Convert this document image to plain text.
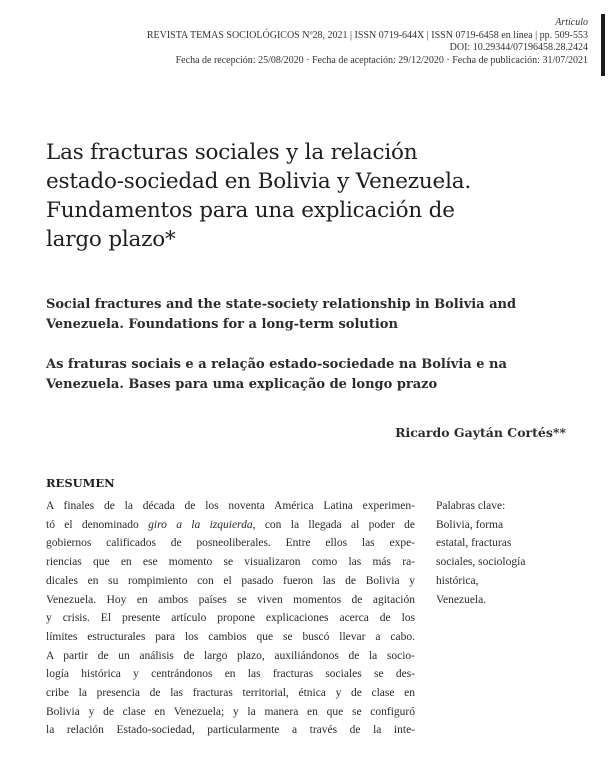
Artículo
REVISTA TEMAS SOCIOLÓGICOS Nº28, 2021 | ISSN 0719-644X | ISSN 0719-6458 en línea | pp. 509-553
DOI: 10.29344/07196458.28.2424
Fecha de recepción: 25/08/2020 · Fecha de aceptación: 29/12/2020 · Fecha de publicación: 31/07/2021
Las fracturas sociales y la relación
estado-sociedad en Bolivia y Venezuela.
Fundamentos para una explicación de
largo plazo*
Social fractures and the state-society relationship in Bolivia and
Venezuela. Foundations for a long-term solution
As fraturas sociais e a relação estado-sociedade na Bolívia e na
Venezuela. Bases para uma explicação de longo prazo

Ricardo Gaytán Cortés**

RESUMEN
A finales de la década de los noventa América Latina experimen-
tó el denominado giro a la izquierda, con la llegada al poder de
gobiernos calificados de posneoliberales. Entre ellos las expe-
riencias que en ese momento se visualizaron como las más ra-
dicales en su rompimiento con el pasado fueron las de Bolivia y
Venezuela. Hoy en ambos países se viven momentos de agitación
y crisis. El presente artículo propone explicaciones acerca de los
límites estructurales para los cambios que se buscó llevar a cabo.
A partir de un análisis de largo plazo, auxiliándonos de la socio-
logía histórica y centrándonos en las fracturas sociales se des-
cribe la presencia de las fracturas territorial, étnica y de clase en
Bolivia y de clase en Venezuela; y la manera en que se configuró
la relación Estado-sociedad, particularmente a través de la inte-
Palabras clave:
Bolivia, forma
estatal, fracturas
sociales, sociología
histórica,
Venezuela.
